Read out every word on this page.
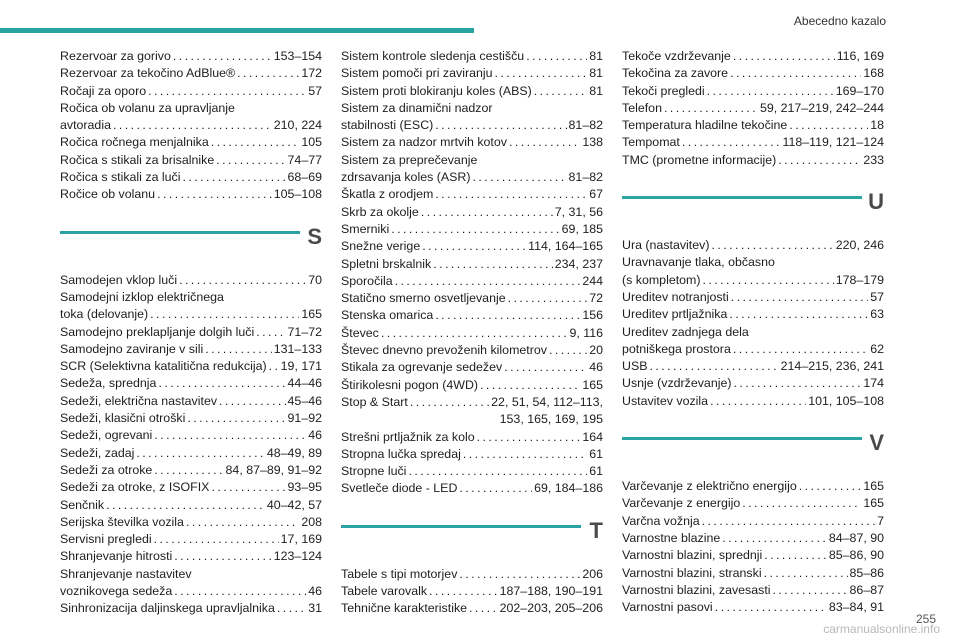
Abecedno kazalo
Rezervoar za gorivo . . .	153–154
Rezervoar za tekočino AdBlue® . . .	172
Ročaji za oporo . . .	57
Ročica ob volanu za upravljanje
avtoradia . . .	210, 224
Ročica ročnega menjalnika . . .	105
Ročica s stikali za brisalnike . . .	74–77
Ročica s stikali za luči . . .	68–69
Ročice ob volanu . . .	105–108
S
Samodejen vklop luči . . .	70
Samodejni izklop električnega
toka (delovanje) . . .	165
Samodejno preklapljanje dolgih luči . . .	71–72
Samodejno zaviranje v sili . . .	131–133
SCR (Selektivna katalitična redukcija) . . . 19, 171
Sedeža, sprednja . . .	44–46
Sedeži, električna nastavitev . . .	45–46
Sedeži, klasični otroški . . .	91–92
Sedeži, ogrevani . . .	46
Sedeži, zadaj . . .	48–49, 89
Sedeži za otroke . . .	84, 87–89, 91–92
Sedeži za otroke, z ISOFIX . . .	93–95
Senčnik . . .	40–42, 57
Serijska številka vozila . . .	208
Servisni pregledi . . .	17, 169
Shranjevanje hitrosti . . .	123–124
Shranjevanje nastavitev
voznikovega sedeža . . .	46
Sinhronizacija daljinskega upravljalnika . . .	31
Sistem kontrole sledenja cestišču . . .	81
Sistem pomoči pri zaviranju . . .	81
Sistem proti blokiranju koles (ABS) . . .	81
Sistem za dinamični nadzor
stabilnosti (ESC) . . .	81–82
Sistem za nadzor mrtvih kotov . . .	138
Sistem za preprečevanje
zdrsavanja koles (ASR) . . .	81–82
Škatla z orodjem . . .	67
Skrb za okolje . . .	7, 31, 56
Smerniki . . .	69, 185
Snežne verige . . .	114, 164–165
Spletni brskalnik . . .	234, 237
Sporočila . . .	244
Statično smerno osvetljevanje . . .	72
Stenska omarica . . .	156
Števec . . .	9, 116
Števec dnevno prevoženih kilometrov . . .	20
Stikala za ogrevanje sedežev . . .	46
Štirikolesni pogon (4WD) . . .	165
Stop & Start . . .	22, 51, 54, 112–113,
153, 165, 169, 195
Strešni prtljažnik za kolo . . .	164
Stropna lučka spredaj . . .	61
Stropne luči . . .	61
Svetleče diode - LED . . .	69, 184–186
T
Tabele s tipi motorjev . . .	206
Tabele varovalk . . .	187–188, 190–191
Tehnične karakteristike . . .	202–203, 205–206
Tekoče vzdrževanje . . .	116, 169
Tekočina za zavore . . .	168
Tekoči pregledi . . .	169–170
Telefon . . .	59, 217–219, 242–244
Temperatura hladilne tekočine . . .	18
Tempomat . . .	118–119, 121–124
TMC (prometne informacije) . . .	233
U
Ura (nastavitev) . . .	220, 246
Uravnavanje tlaka, občasno
(s kompletom) . . .	178–179
Ureditev notranjosti . . .	57
Ureditev prtljažnika . . .	63
Ureditev zadnjega dela
potniškega prostora . . .	62
USB . . .	214–215, 236, 241
Usnje (vzdrževanje) . . .	174
Ustavitev vozila . . .	101, 105–108
V
Varčevanje z električno energijo . . .	165
Varčevanje z energijo . . .	165
Varčna vožnja . . .	7
Varnostne blazine . . .	84–87, 90
Varnostni blazini, sprednji . . .	85–86, 90
Varnostni blazini, stranski . . .	85–86
Varnostni blazini, zavesasti . . .	86–87
Varnostni pasovi . . .	83–84, 91
255
carmanualsonline.info
